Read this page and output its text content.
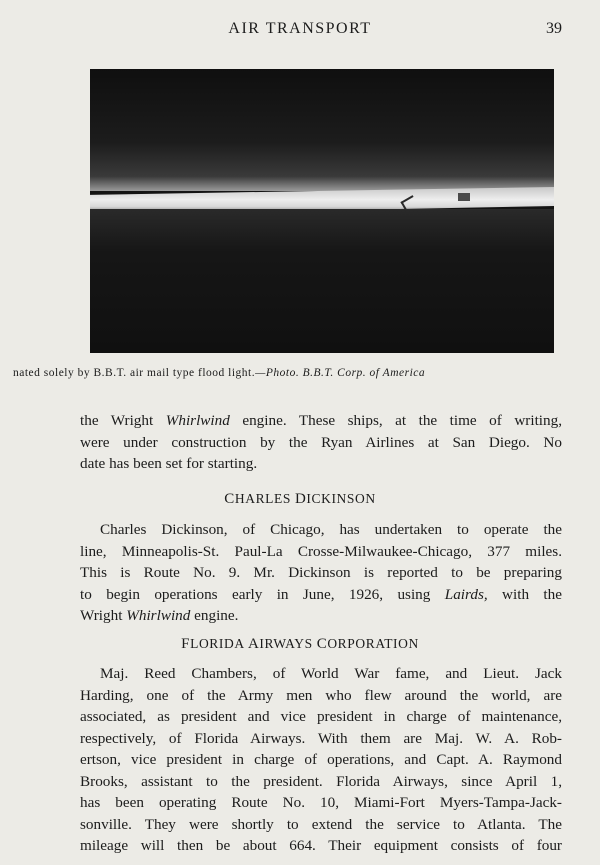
AIR TRANSPORT	39
nated solely by B.B.T. air mail type flood light.—Photo. B.B.T. Corp. of America
the Wright Whirlwind engine. These ships, at the time of writing,
were under construction by the Ryan Airlines at San Diego. No
date has been set for starting.
CHARLES DICKINSON
Charles Dickinson, of Chicago, has undertaken to operate the
line, Minneapolis-St. Paul-La Crosse-Milwaukee-Chicago, 377 miles.
This is Route No. 9. Mr. Dickinson is reported to be preparing
to begin operations early in June, 1926, using Lairds, with the
Wright Whirlwind engine.
FLORIDA AIRWAYS CORPORATION
Maj. Reed Chambers, of World War fame, and Lieut. Jack
Harding, one of the Army men who flew around the world, are
associated, as president and vice president in charge of maintenance,
respectively, of Florida Airways. With them are Maj. W. A. Rob-
ertson, vice president in charge of operations, and Capt. A. Raymond
Brooks, assistant to the president. Florida Airways, since April 1,
has been operating Route No. 10, Miami-Fort Myers-Tampa-Jack-
sonville. They were shortly to extend the service to Atlanta. The
mileage will then be about 664. Their equipment consists of four
